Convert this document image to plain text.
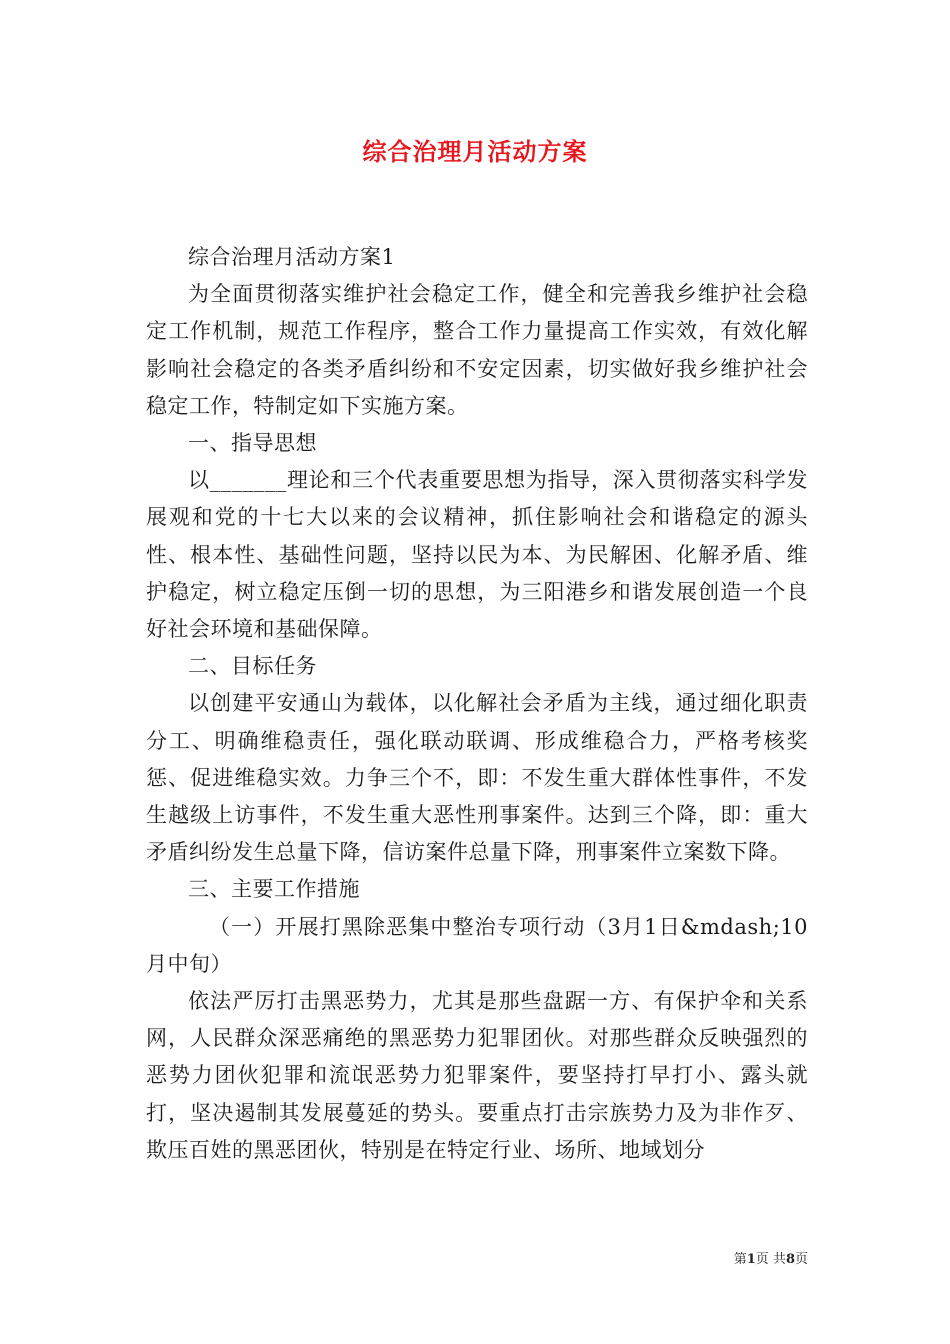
综合治理月活动方案

综合治理月活动方案1

为全面贯彻落实维护社会稳定工作，健全和完善我乡维护社会稳定工作机制，规范工作程序，整合工作力量提高工作实效，有效化解影响社会稳定的各类矛盾纠纷和不安定因素，切实做好我乡维护社会稳定工作，特制定如下实施方案。

一、指导思想

以_______理论和三个代表重要思想为指导，深入贯彻落实科学发展观和党的十七大以来的会议精神，抓住影响社会和谐稳定的源头性、根本性、基础性问题，坚持以民为本、为民解困、化解矛盾、维护稳定，树立稳定压倒一切的思想，为三阳港乡和谐发展创造一个良好社会环境和基础保障。

二、目标任务

以创建平安通山为载体，以化解社会矛盾为主线，通过细化职责分工、明确维稳责任，强化联动联调、形成维稳合力，严格考核奖惩、促进维稳实效。力争三个不，即：不发生重大群体性事件，不发生越级上访事件，不发生重大恶性刑事案件。达到三个降，即：重大矛盾纠纷发生总量下降，信访案件总量下降，刑事案件立案数下降。

三、主要工作措施

（一）开展打黑除恶集中整治专项行动（3月1日&mdash;10月中旬）

依法严厉打击黑恶势力，尤其是那些盘踞一方、有保护伞和关系网，人民群众深恶痛绝的黑恶势力犯罪团伙。对那些群众反映强烈的恶势力团伙犯罪和流氓恶势力犯罪案件，要坚持打早打小、露头就打，坚决遏制其发展蔓延的势头。要重点打击宗族势力及为非作歹、欺压百姓的黑恶团伙，特别是在特定行业、场所、地域划分

第1页 共8页
